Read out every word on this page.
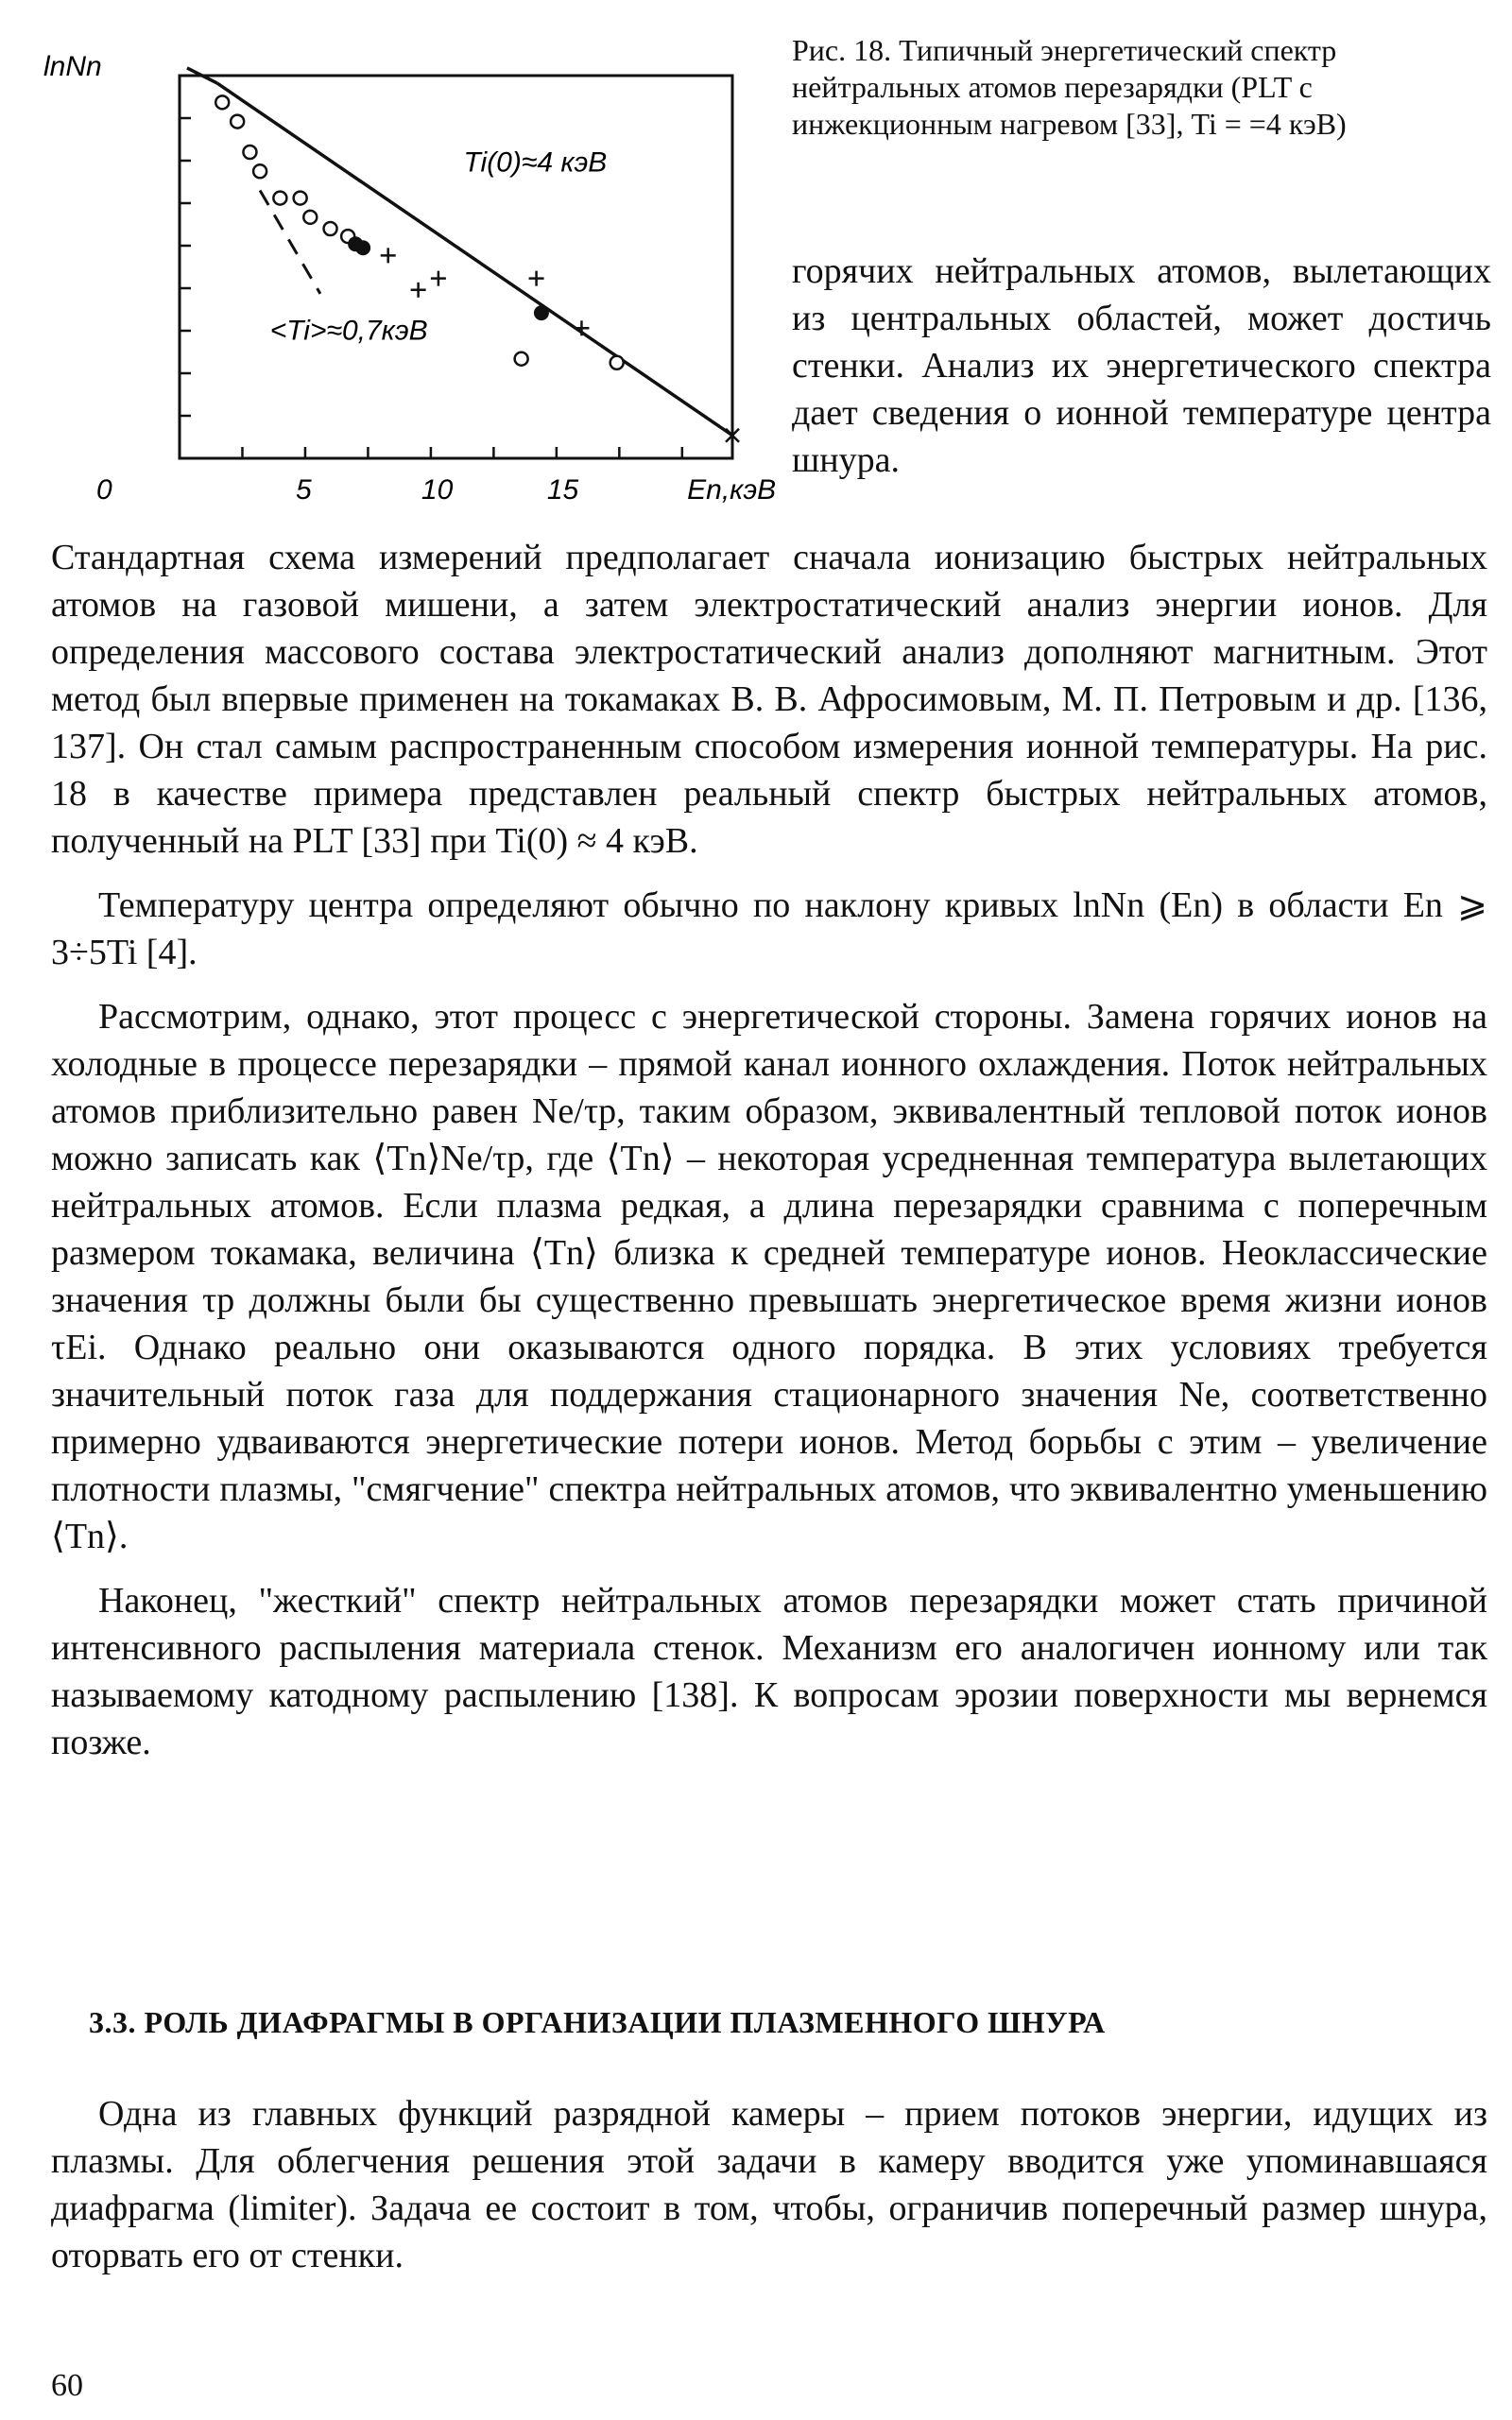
0	5	10	15	En,кэВ
lnNn
Ti(0)≈4 кэВ
<Ti>≈0,7кэВ
Рис. 18. Типичный энергетический спектр нейтральных атомов перезарядки (PLT с инжекционным нагревом [33], Ti = =4 кэВ)
горячих нейтральных атомов, вылетающих из центральных областей, может достичь стенки. Анализ их энергетического спектра дает сведения о ионной температуре центра шнура.

Стандартная схема измерений предполагает сначала ионизацию быстрых нейтральных атомов на газовой мишени, а затем электростатический анализ энергии ионов. Для определения массового состава электростатический анализ дополняют магнитным. Этот метод был впервые применен на токамаках В. В. Афросимовым, М. П. Петровым и др. [136, 137]. Он стал самым распространенным способом измерения ионной температуры. На рис. 18 в качестве примера представлен реальный спектр быстрых нейтральных атомов, полученный на PLT [33] при Ti(0) ≈ 4 кэВ.

Температуру центра определяют обычно по наклону кривых lnNn (En) в области En ⩾ 3÷5Ti [4].

Рассмотрим, однако, этот процесс с энергетической стороны. Замена горячих ионов на холодные в процессе перезарядки – прямой канал ионного охлаждения. Поток нейтральных атомов приблизительно равен Ne/τp, таким образом, эквивалентный тепловой поток ионов можно записать как ⟨Tn⟩Ne/τp, где ⟨Tn⟩ – некоторая усредненная температура вылетающих нейтральных атомов. Если плазма редкая, а длина перезарядки сравнима с поперечным размером токамака, величина ⟨Tn⟩ близка к средней температуре ионов. Неоклассические значения τp должны были бы существенно превышать энергетическое время жизни ионов τEi. Однако реально они оказываются одного порядка. В этих условиях требуется значительный поток газа для поддержания стационарного значения Ne, соответственно примерно удваиваются энергетические потери ионов. Метод борьбы с этим – увеличение плотности плазмы, "смягчение" спектра нейтральных атомов, что эквивалентно уменьшению ⟨Tn⟩.

Наконец, "жесткий" спектр нейтральных атомов перезарядки может стать причиной интенсивного распыления материала стенок. Механизм его аналогичен ионному или так называемому катодному распылению [138]. К вопросам эрозии поверхности мы вернемся позже.

3.3. РОЛЬ ДИАФРАГМЫ В ОРГАНИЗАЦИИ ПЛАЗМЕННОГО ШНУРА

Одна из главных функций разрядной камеры – прием потоков энергии, идущих из плазмы. Для облегчения решения этой задачи в камеру вводится уже упоминавшаяся диафрагма (limiter). Задача ее состоит в том, чтобы, ограничив поперечный размер шнура, оторвать его от стенки.

60
